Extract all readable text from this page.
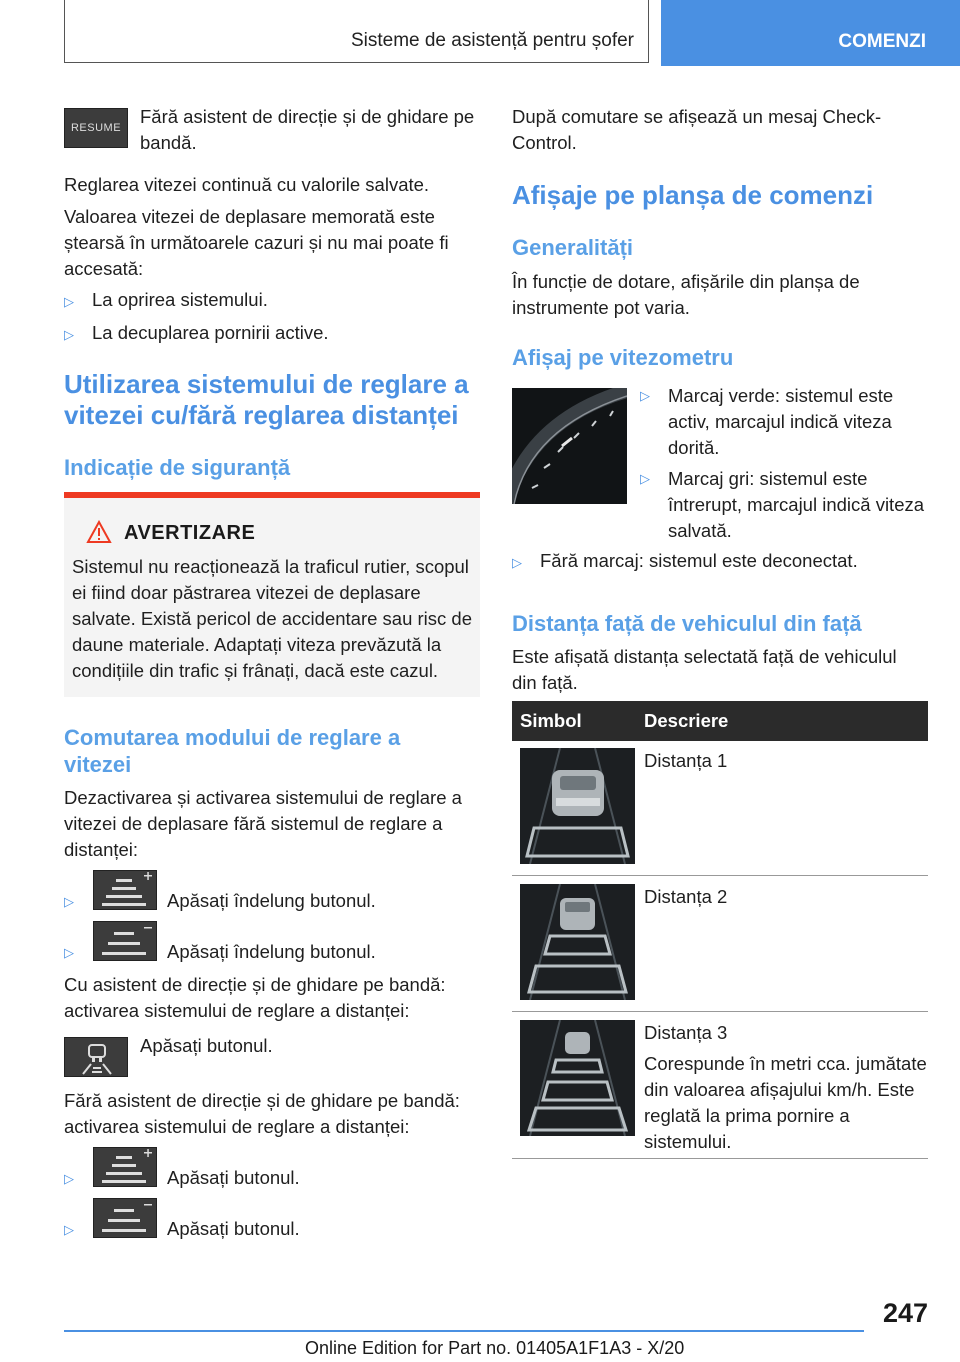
Sisteme de asistență pentru șofer	COMENZI
RESUME

Fără asistent de direcție și de ghidare pe bandă.

Reglarea vitezei continuă cu valorile salvate.

Valoarea vitezei de deplasare memorată este ștearsă în următoarele cazuri și nu mai poate fi accesată:

▷ La oprirea sistemului.
▷ La decuplarea pornirii active.

Utilizarea sistemului de reglare a vitezei cu/fără reglarea distanței

Indicație de siguranță

AVERTIZARE
Sistemul nu reacționează la traficul rutier, scopul ei fiind doar păstrarea vitezei de deplasare salvate. Există pericol de accidentare sau risc de daune materiale. Adaptați viteza prevăzută la condițiile din trafic și frânați, dacă este cazul.

Comutarea modului de reglare a vitezei

Dezactivarea și activarea sistemului de reglare a vitezei de deplasare fără sistemul de reglare a distanței:

▷	Apăsați îndelung butonul.
▷	Apăsați îndelung butonul.

Cu asistent de direcție și de ghidare pe bandă: activarea sistemului de reglare a distanței:

Apăsați butonul.

Fără asistent de direcție și de ghidare pe bandă: activarea sistemului de reglare a distanței:

▷	Apăsați butonul.
▷	Apăsați butonul.

După comutare se afișează un mesaj Check-Control.

Afișaje pe planșa de comenzi

Generalități

În funcție de dotare, afișările din planșa de instrumente pot varia.

Afișaj pe vitezometru

▷ Marcaj verde: sistemul este activ, marcajul indică viteza dorită.
▷ Marcaj gri: sistemul este întrerupt, marcajul indică viteza salvată.
▷ Fără marcaj: sistemul este deconectat.

Distanța față de vehiculul din față

Este afișată distanța selectată față de vehiculul din față.

Simbol	Descriere
Distanța 1
Distanța 2
Distanța 3
Corespunde în metri cca. jumătate din valoarea afișajului km/h. Este reglată la prima pornire a sistemului.
247
Online Edition for Part no. 01405A1F1A3 - X/20
